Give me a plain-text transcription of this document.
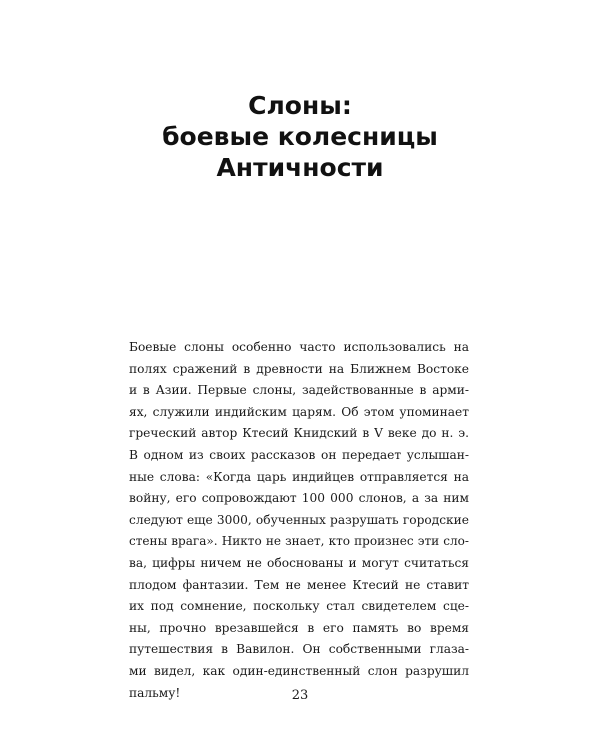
Слоны:
боевые колесницы
Античности
Боевые слоны особенно часто использовались на
полях сражений в древности на Ближнем Востоке
и в Азии. Первые слоны, задействованные в арми-
ях, служили индийским царям. Об этом упоминает
греческий автор Ктесий Книдский в V веке до н. э.
В одном из своих рассказов он передает услышан-
ные слова: «Когда царь индийцев отправляется на
войну, его сопровождают 100 000 слонов, а за ним
следуют еще 3000, обученных разрушать городские
стены врага». Никто не знает, кто произнес эти сло-
ва, цифры ничем не обоснованы и могут считаться
плодом фантазии. Тем не менее Ктесий не ставит
их под сомнение, поскольку стал свидетелем сце-
ны, прочно врезавшейся в его память во время
путешествия в Вавилон. Он собственными глаза-
ми видел, как один-единственный слон разрушил
пальму!	23
